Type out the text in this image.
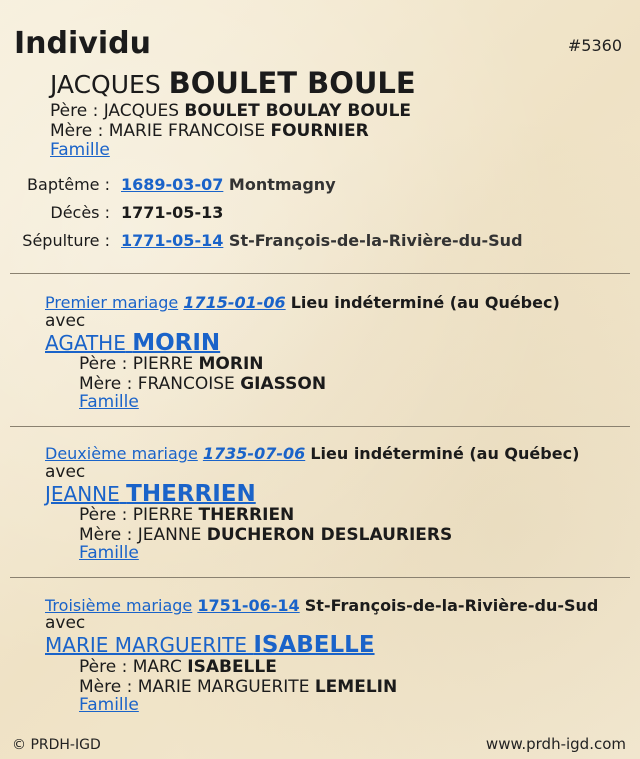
Individu	#5360
JACQUES BOULET BOULE
Père : JACQUES BOULET BOULAY BOULE
Mère : MARIE FRANCOISE FOURNIER
Famille
Baptême : 1689-03-07 Montmagny
Décès : 1771-05-13
Sépulture : 1771-05-14 St-François-de-la-Rivière-du-Sud
Premier mariage 1715-01-06 Lieu indéterminé (au Québec)
avec
AGATHE MORIN
Père : PIERRE MORIN
Mère : FRANCOISE GIASSON
Famille
Deuxième mariage 1735-07-06 Lieu indéterminé (au Québec)
avec
JEANNE THERRIEN
Père : PIERRE THERRIEN
Mère : JEANNE DUCHERON DESLAURIERS
Famille
Troisième mariage 1751-06-14 St-François-de-la-Rivière-du-Sud
avec
MARIE MARGUERITE ISABELLE
Père : MARC ISABELLE
Mère : MARIE MARGUERITE LEMELIN
Famille
© PRDH-IGD	www.prdh-igd.com
